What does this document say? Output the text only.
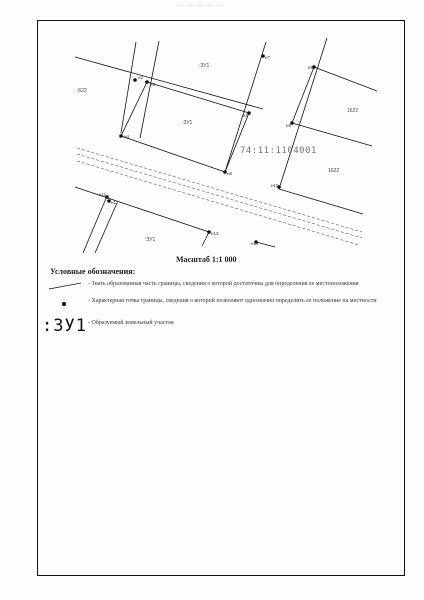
— — — — —
н2
н3
н4
н5
н6
н7
н8
н9
н10
н11
н12
н13
н14
:ЗУ1
:ЗУ1
:ЗУ1
:622
1622
1622
74:11:1104001
Масштаб 1:1 000
Условные обозначения:
- Знать образованная часть границы, сведения о которой достаточны для определения ее местоположения
- Характерная точка границы, сведения о которой позволяют однозначно определить ее положение на местности
:ЗУ1 - Образуемый земельный участок
